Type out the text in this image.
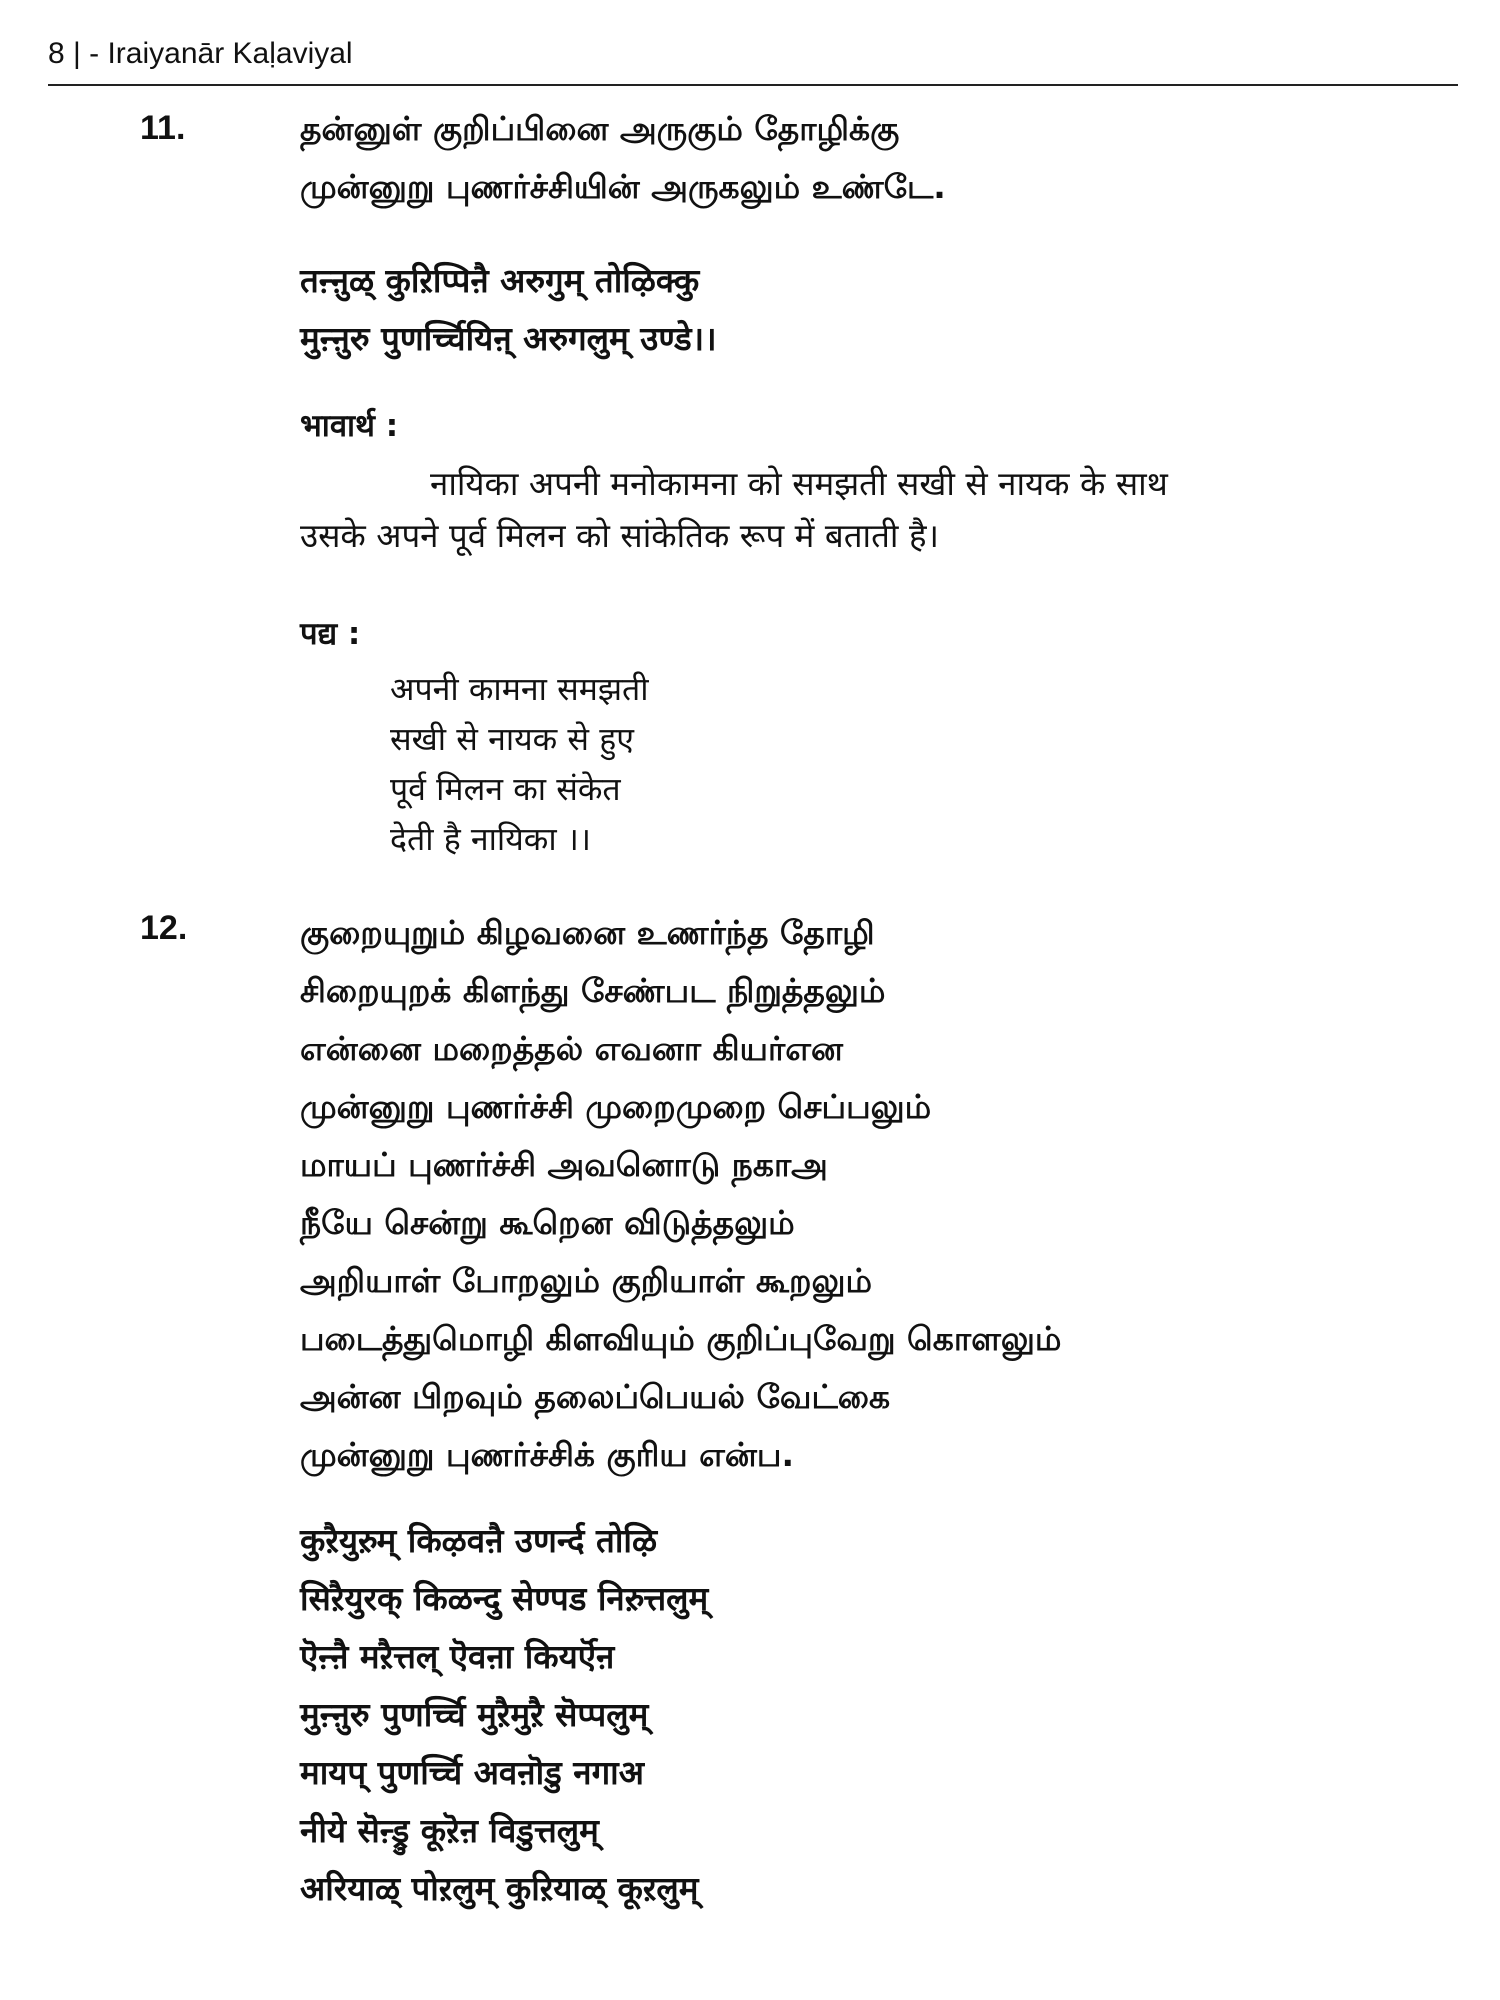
8 | - Iraiyanār Kaḷaviyal
11.	தன்னுள் குறிப்பினை அருகும் தோழிக்கு
முன்னுறு புணர்ச்சியின் அருகலும் உண்டே.
तऩ्ऩुळ् कुऱिप्पिऩै अरुगुम् तोऴिक्कु
मुऩ्ऩुरु पुणर्च्चियिऩ् अरुगलुम् उण्डे।।
भावार्थ :
नायिका अपनी मनोकामना को समझती सखी से नायक के साथ
उसके अपने पूर्व मिलन को सांकेतिक रूप में बताती है।
पद्य :
अपनी कामना समझती
सखी से नायक से हुए
पूर्व मिलन का संकेत
देती है नायिका ।।
12.	குறையுறும் கிழவனை உணர்ந்த தோழி
சிறையுறக் கிளந்து சேண்பட நிறுத்தலும்
என்னை மறைத்தல் எவனா கியர்என
முன்னுறு புணர்ச்சி முறைமுறை செப்பலும்
மாயப் புணர்ச்சி அவனொடு நகாஅ
நீயே சென்று கூறென விடுத்தலும்
அறியாள் போறலும் குறியாள் கூறலும்
படைத்துமொழி கிளவியும் குறிப்புவேறு கொளலும்
அன்ன பிறவும் தலைப்பெயல் வேட்கை
முன்னுறு புணர்ச்சிக் குரிய என்ப.
कुऱैयुऱुम् किऴवऩै उणर्न्द तोऴि
सिऱैयुरक् किळन्दु सेण्पड निऱुत्तलुम्
ऎऩ्ऩै मऱैत्तल् ऎवऩा कियर्ऎऩ
मुऩ्ऩुरु पुणर्च्चि मुऱैमुऱै सॆप्पलुम्
मायप् पुणर्च्चि अवऩॊडु नगाअ
नीये सॆऩ्ड्रु कूऱॆऩ विडुत्तलुम्
अरियाळ् पोऱलुम् कुऱियाळ् कूऱलुम्
